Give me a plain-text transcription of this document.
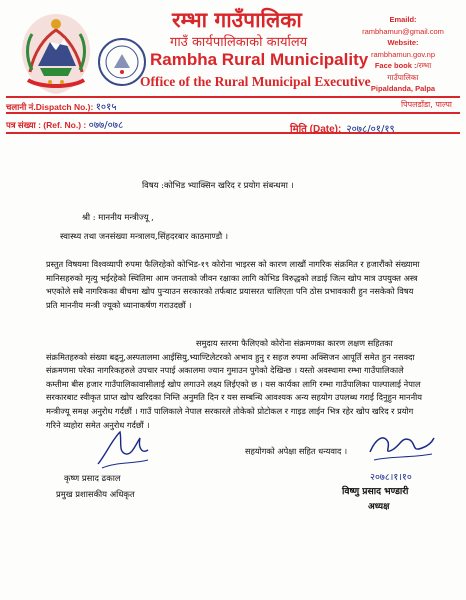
रम्भा गाउँपालिका
गाउँ कार्यपालिकाको कार्यालय
Rambha Rural Municipality
Office of the Rural Municipal Executive
Emaild:
rambhamun@gmail.com
Website:
rambhamun.gov.np
Face book :/रम्भा
गाउँपालिका
Pipaldanda, Palpa
चलानी नं.Dispatch No.): १०१५	पिपलडाँडा, पाल्पा
पत्र संख्या : (Ref. No.) : ०७७/०७८	मिति (Date): २०७८/०१/१९
विषय :कोभिड भ्याक्सिन खरिद र प्रयोग संबन्धमा ।
श्री : माननीय मन्त्रीज्यू ,
स्वास्थ्य तथा जनसंख्या मन्त्रालय,सिंहदरबार काठमाण्डौ ।
प्रस्तुत विषयमा विश्वव्यापी रुपमा फैलिरहेको कोभिड-१९ कोरोना भाइरस को कारण लाखौं नागरिक संक्रमित र हजारौंको संख्यामा मानिसहरुको मृत्यु भईरहेको स्थितिमा आम जनताको जीवन रक्षाका लागि कोभिड विरुद्धको लडाई जित्न खोप मात्र उपयुक्त अस्त्र भएकोले सबै नागरिकका बीचमा खोप पुर्‍याउन सरकारको तर्फबाट प्रयासरत चालिएता पनि ठोस प्रभावकारी हुन नसकेको विषय प्रति माननीय मन्त्री ज्यूको ध्यानाकर्षण गराउदछौं ।
समुदाय स्तरमा फैलिएको कोरोना संक्रमणका कारण लक्षण सहितका संक्रमितहरुको संख्या बढ्नु,अस्पतालमा आईसियु,भ्याण्टिलेटरको अभाव हुनु र सहज रुपमा अक्सिजन आपूर्ति समेत हुन नसक्दा संक्रमणमा परेका नागरिकहरुले उपचार नपाई अकालमा ज्यान गुमाउन पुगेको देखिन्छ । यस्तो अवस्थामा रम्भा गाउँपालिकाले कम्तीमा बीस हजार गाउँपालिकावासीलाई खोप लगाउने लक्ष्य लिईएको छ । यस कार्यका लागि रम्भा गाउँपालिका पाल्पालाई नेपाल सरकारबाट स्वीकृत प्राप्त खोप खरिदका निम्ति अनुमति दिन र यस सम्बन्धि आवश्यक अन्य सहयोग उपलब्ध गराई दिनुहुन माननीय मन्त्रीज्यू समक्ष अनुरोध गर्दछौं । गाउँ पालिकाले नेपाल सरकारले तोकेको प्रोटोकल र गाइड लाईन भित्र रहेर खोप खरिद र प्रयोग गरिने व्यहोरा समेत अनुरोध गर्दछौं ।
सहयोगको अपेक्षा सहित धन्यवाद ।
कृष्ण प्रसाद ढकाल
प्रमुख प्रशासकीय अधिकृत
२०७८।१।१०
विष्णु प्रसाद भण्डारी
अध्यक्ष
